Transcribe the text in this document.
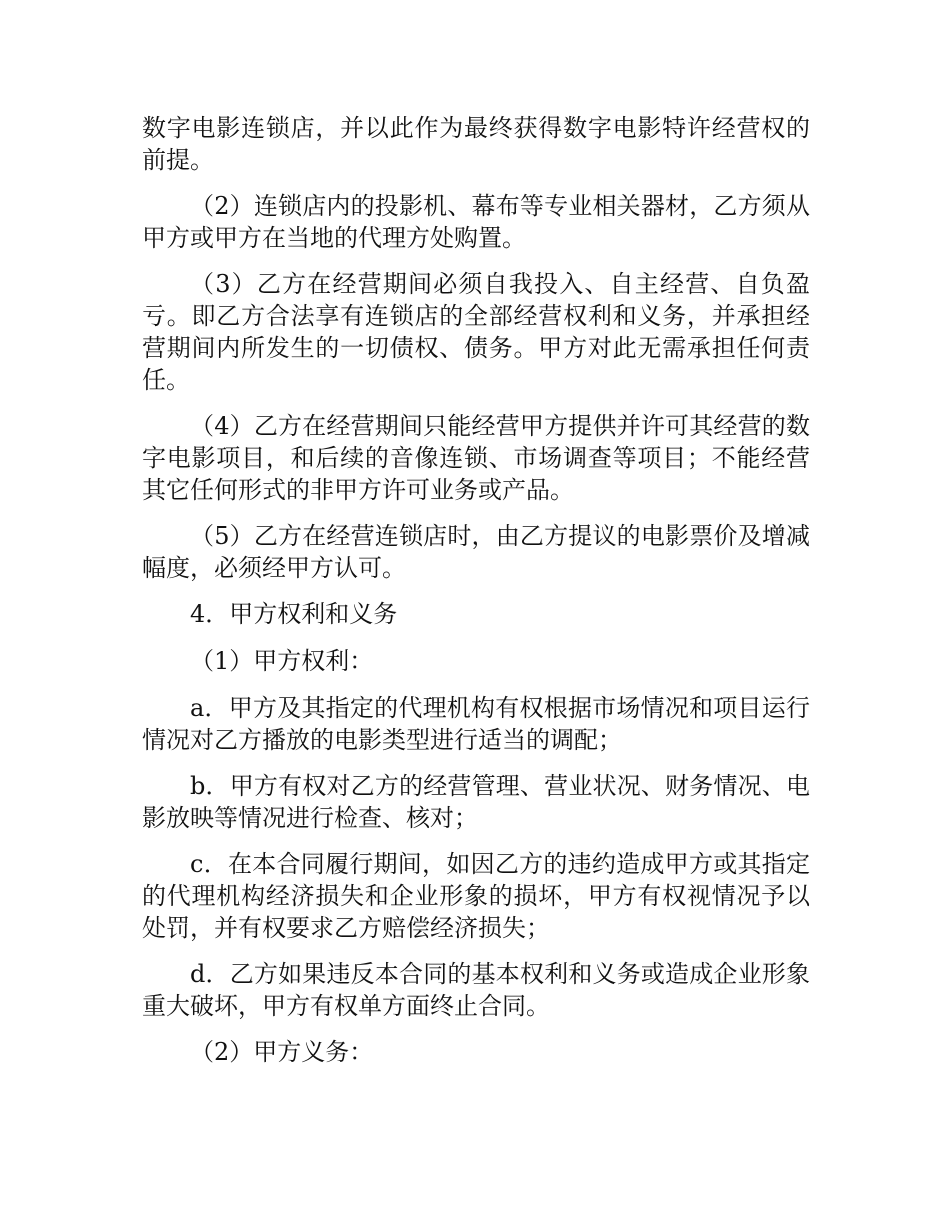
数字电影连锁店，并以此作为最终获得数字电影特许经营权的前提。

（2）连锁店内的投影机、幕布等专业相关器材，乙方须从甲方或甲方在当地的代理方处购置。

（3）乙方在经营期间必须自我投入、自主经营、自负盈亏。即乙方合法享有连锁店的全部经营权利和义务，并承担经营期间内所发生的一切债权、债务。甲方对此无需承担任何责任。

（4）乙方在经营期间只能经营甲方提供并许可其经营的数字电影项目，和后续的音像连锁、市场调查等项目；不能经营其它任何形式的非甲方许可业务或产品。

（5）乙方在经营连锁店时，由乙方提议的电影票价及增减幅度，必须经甲方认可。

4．甲方权利和义务

（1）甲方权利：

a．甲方及其指定的代理机构有权根据市场情况和项目运行情况对乙方播放的电影类型进行适当的调配；

b．甲方有权对乙方的经营管理、营业状况、财务情况、电影放映等情况进行检查、核对；

c．在本合同履行期间，如因乙方的违约造成甲方或其指定的代理机构经济损失和企业形象的损坏，甲方有权视情况予以处罚，并有权要求乙方赔偿经济损失；

d．乙方如果违反本合同的基本权利和义务或造成企业形象重大破坏，甲方有权单方面终止合同。

（2）甲方义务：
